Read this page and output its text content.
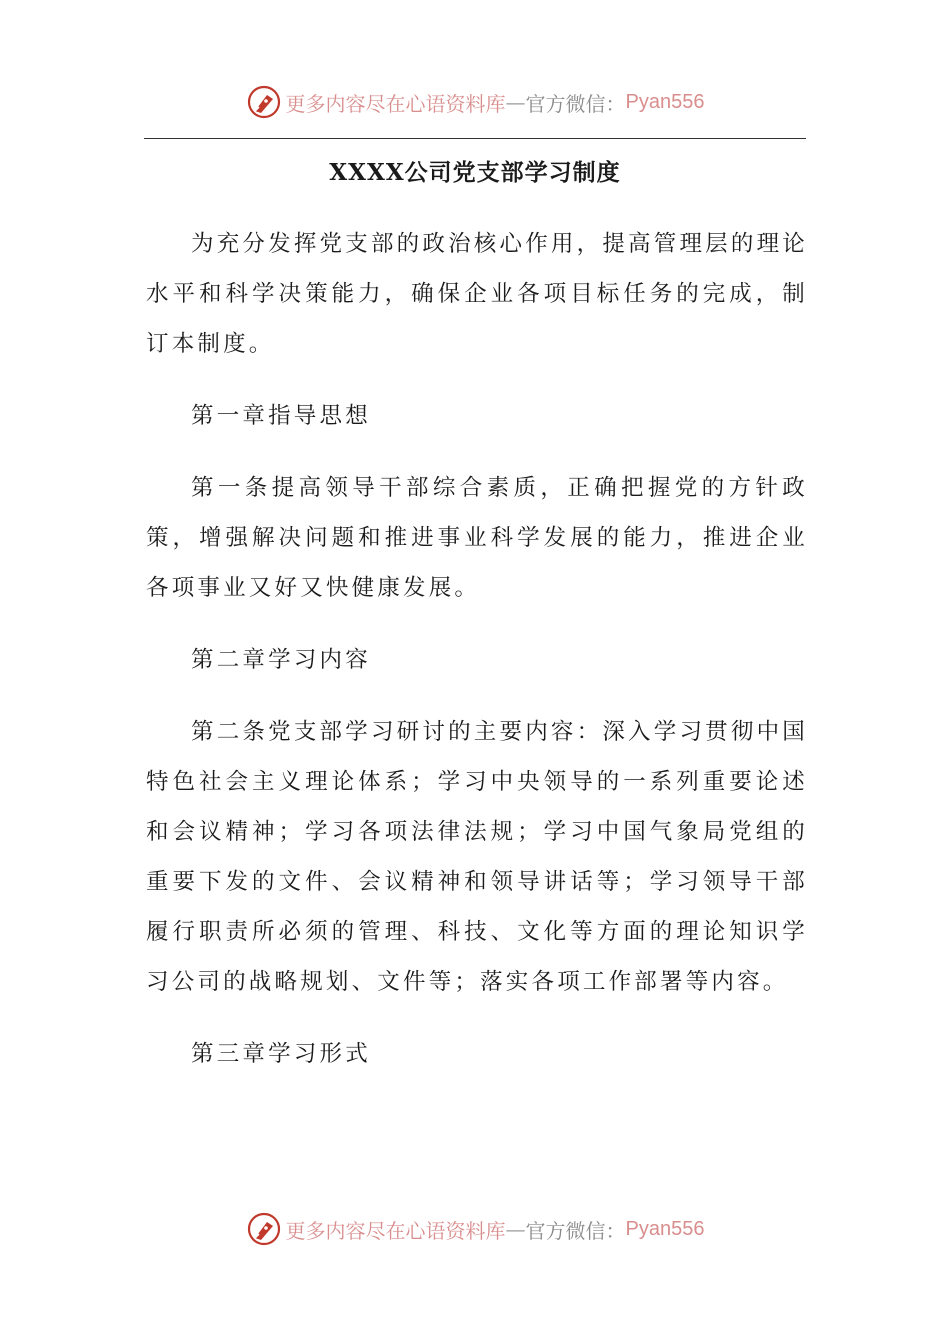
更多内容尽在心语资料库 — 官方微信： Pyan556
XXXX公司党支部学习制度

为充分发挥党支部的政治核心作用，提高管理层的理论水平和科学决策能力，确保企业各项目标任务的完成，制订本制度。

第一章指导思想

第一条提高领导干部综合素质，正确把握党的方针政策，增强解决问题和推进事业科学发展的能力，推进企业各项事业又好又快健康发展。

第二章学习内容

第二条党支部学习研讨的主要内容：深入学习贯彻中国特色社会主义理论体系；学习中央领导的一系列重要论述和会议精神；学习各项法律法规；学习中国气象局党组的重要下发的文件、会议精神和领导讲话等；学习领导干部履行职责所必须的管理、科技、文化等方面的理论知识学习公司的战略规划、文件等；落实各项工作部署等内容。

第三章学习形式

更多内容尽在心语资料库 — 官方微信： Pyan556
